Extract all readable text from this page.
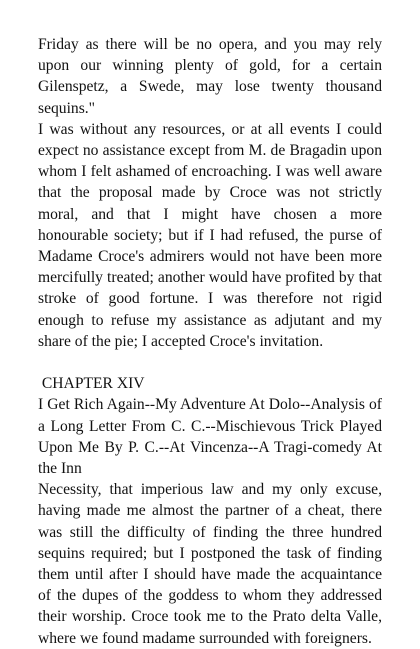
Friday as there will be no opera, and you may rely upon our winning plenty of gold, for a certain Gilenspetz, a Swede, may lose twenty thousand sequins."

I was without any resources, or at all events I could expect no assistance except from M. de Bragadin upon whom I felt ashamed of encroaching. I was well aware that the proposal made by Croce was not strictly moral, and that I might have chosen a more honourable society; but if I had refused, the purse of Madame Croce's admirers would not have been more mercifully treated; another would have profited by that stroke of good fortune. I was therefore not rigid enough to refuse my assistance as adjutant and my share of the pie; I accepted Croce's invitation.

CHAPTER XIV

I Get Rich Again--My Adventure At Dolo--Analysis of a Long Letter From C. C.--Mischievous Trick Played Upon Me By P. C.--At Vincenza--A Tragi-comedy At the Inn

Necessity, that imperious law and my only excuse, having made me almost the partner of a cheat, there was still the difficulty of finding the three hundred sequins required; but I postponed the task of finding them until after I should have made the acquaintance of the dupes of the goddess to whom they addressed their worship. Croce took me to the Prato delta Valle, where we found madame surrounded with foreigners.
